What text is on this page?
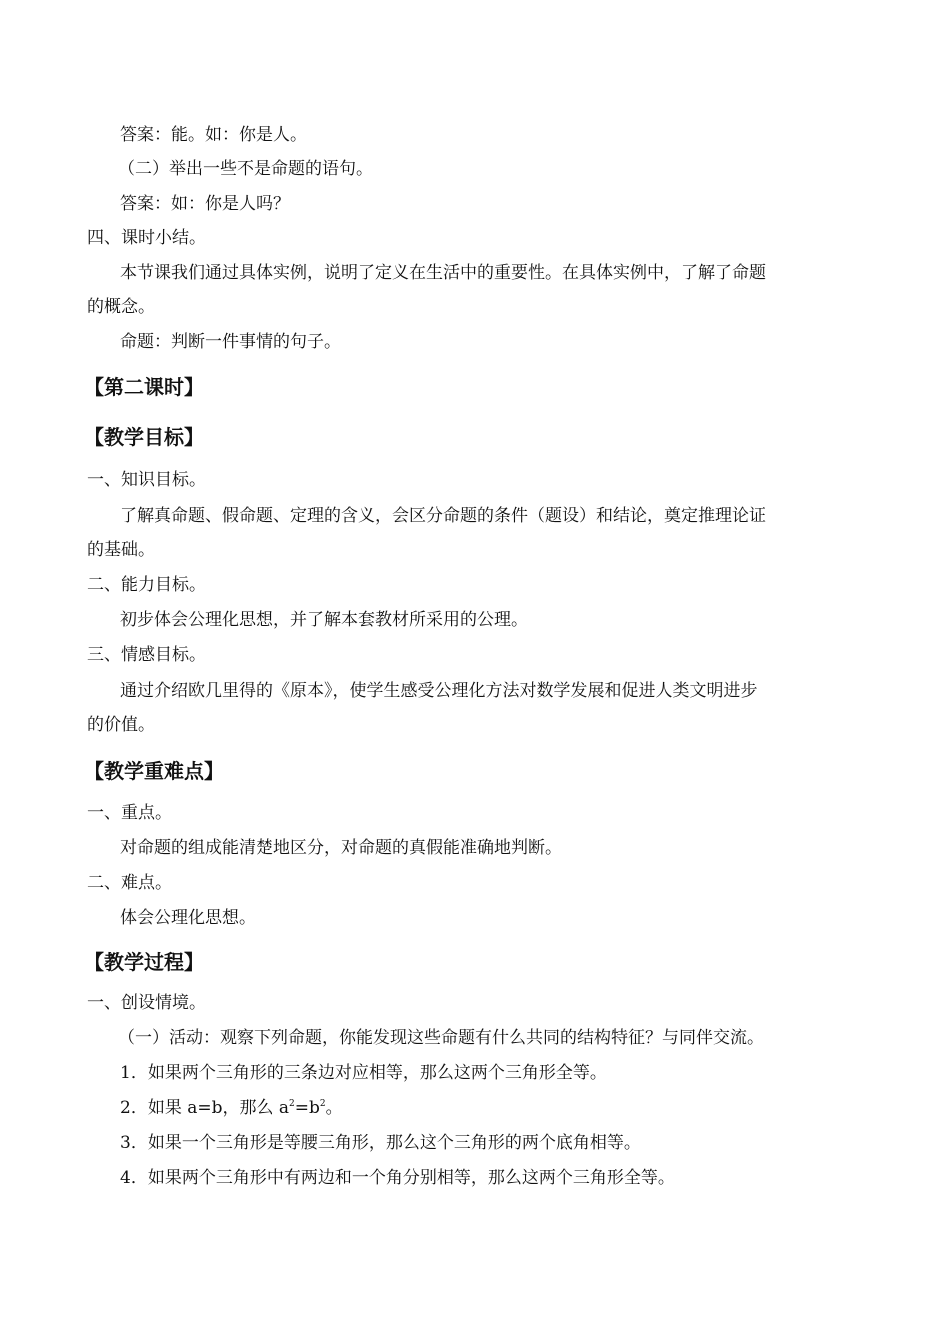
答案：能。如：你是人。
（二）举出一些不是命题的语句。
答案：如：你是人吗？
四、课时小结。
本节课我们通过具体实例，说明了定义在生活中的重要性。在具体实例中，了解了命题
的概念。
命题：判断一件事情的句子。
【第二课时】
【教学目标】
一、知识目标。
了解真命题、假命题、定理的含义，会区分命题的条件（题设）和结论，奠定推理论证
的基础。
二、能力目标。
初步体会公理化思想，并了解本套教材所采用的公理。
三、情感目标。
通过介绍欧几里得的《原本》，使学生感受公理化方法对数学发展和促进人类文明进步
的价值。
【教学重难点】
一、重点。
对命题的组成能清楚地区分，对命题的真假能准确地判断。
二、难点。
体会公理化思想。
【教学过程】
一、创设情境。
（一）活动：观察下列命题，你能发现这些命题有什么共同的结构特征？与同伴交流。
1．如果两个三角形的三条边对应相等，那么这两个三角形全等。
2．如果 a=b，那么 $a^2=b^2$。
3．如果一个三角形是等腰三角形，那么这个三角形的两个底角相等。
4．如果两个三角形中有两边和一个角分别相等，那么这两个三角形全等。
